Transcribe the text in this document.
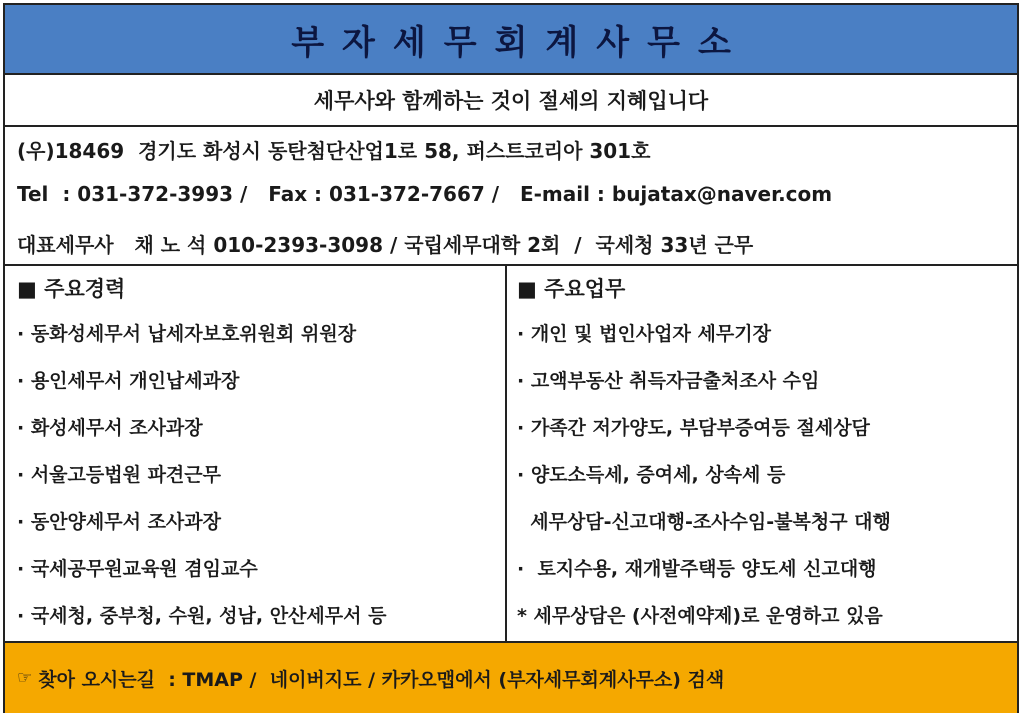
부자세무회계사무소
세무사와 함께하는 것이 절세의 지혜입니다
(우)18469  경기도 화성시 동탄첨단산업1로 58, 퍼스트코리아 301호
Tel  : 031-372-3993 /   Fax : 031-372-7667 /   E-mail : bujatax@naver.com
대표세무사   채 노 석 010-2393-3098 / 국립세무대학 2회  /  국세청 33년 근무
■ 주요경력
· 동화성세무서 납세자보호위원회 위원장
· 용인세무서 개인납세과장
· 화성세무서 조사과장
· 서울고등법원 파견근무
· 동안양세무서 조사과장
· 국세공무원교육원 겸임교수
· 국세청, 중부청, 수원, 성남, 안산세무서 등
■ 주요업무
· 개인 및 법인사업자 세무기장
· 고액부동산 취득자금출처조사 수임
· 가족간 저가양도, 부담부증여등 절세상담
· 양도소득세, 증여세, 상속세 등
세무상담-신고대행-조사수임-불복청구 대행
·  토지수용, 재개발주택등 양도세 신고대행
* 세무상담은 (사전예약제)로 운영하고 있음
☞ 찾아 오시는길  : TMAP /  네이버지도 / 카카오맵에서 (부자세무회계사무소) 검색
